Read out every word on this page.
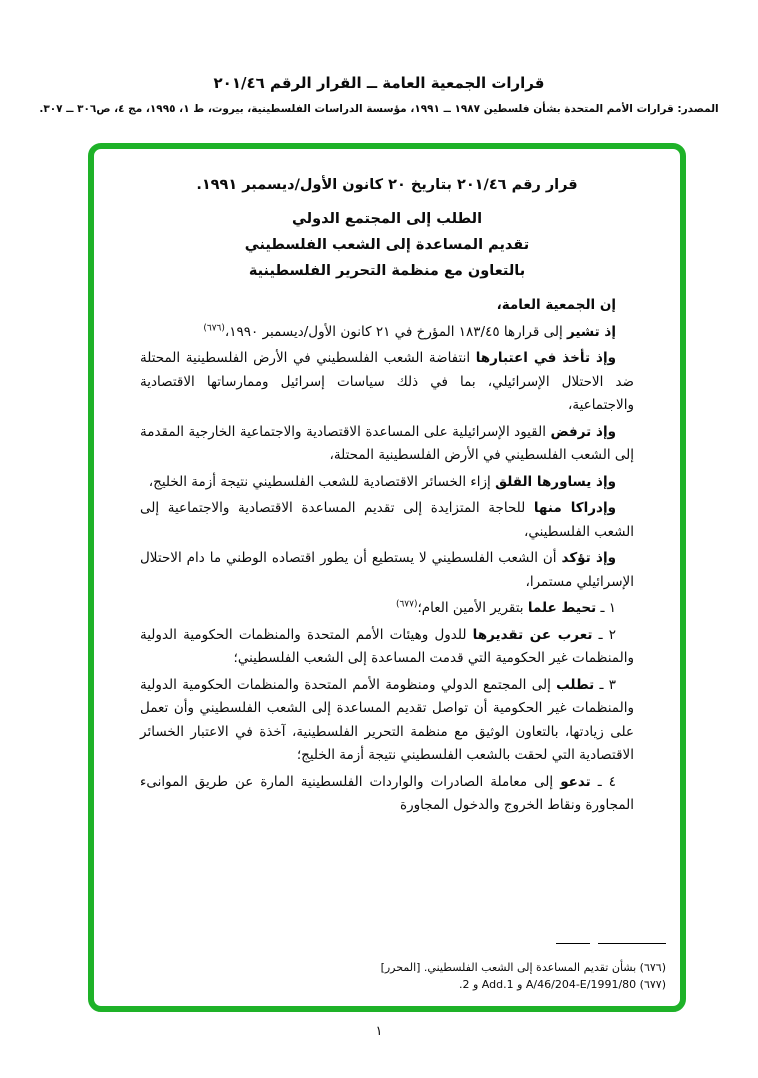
قرارات الجمعية العامة ــ القرار الرقم ٢٠١/٤٦
المصدر: قرارات الأمم المتحدة بشأن فلسطين ١٩٨٧ ــ ١٩٩١، مؤسسة الدراسات الفلسطينية، بيروت، ط ١، ١٩٩٥، مج ٤، ص٣٠٦ ــ ٣٠٧.
قرار رقم ٢٠١/٤٦ بتاريخ ٢٠ كانون الأول/ديسمبر ١٩٩١.
الطلب إلى المجتمع الدولي
تقديم المساعدة إلى الشعب الفلسطيني
بالتعاون مع منظمة التحرير الفلسطينية

إن الجمعية العامة،

إذ تشير إلى قرارها ١٨٣/٤٥ المؤرخ في ٢١ كانون الأول/ديسمبر ١٩٩٠،$^{(٦٧٦)}$

وإذ تأخذ في اعتبارها انتفاضة الشعب الفلسطيني في الأرض الفلسطينية المحتلة ضد الاحتلال الإسرائيلي، بما في ذلك سياسات إسرائيل وممارساتها الاقتصادية والاجتماعية،

وإذ ترفض القيود الإسرائيلية على المساعدة الاقتصادية والاجتماعية الخارجية المقدمة إلى الشعب الفلسطيني في الأرض الفلسطينية المحتلة،

وإذ يساورها القلق إزاء الخسائر الاقتصادية للشعب الفلسطيني نتيجة أزمة الخليج،

وإدراكا منها للحاجة المتزايدة إلى تقديم المساعدة الاقتصادية والاجتماعية إلى الشعب الفلسطيني،

وإذ تؤكد أن الشعب الفلسطيني لا يستطيع أن يطور اقتصاده الوطني ما دام الاحتلال الإسرائيلي مستمرا،

١ ـ تحيط علما بتقرير الأمين العام؛$^{(٦٧٧)}$

٢ ـ تعرب عن تقديرها للدول وهيئات الأمم المتحدة والمنظمات الحكومية الدولية والمنظمات غير الحكومية التي قدمت المساعدة إلى الشعب الفلسطيني؛

٣ ـ تطلب إلى المجتمع الدولي ومنظومة الأمم المتحدة والمنظمات الحكومية الدولية والمنظمات غير الحكومية أن تواصل تقديم المساعدة إلى الشعب الفلسطيني وأن تعمل على زيادتها، بالتعاون الوثيق مع منظمة التحرير الفلسطينية، آخذة في الاعتبار الخسائر الاقتصادية التي لحقت بالشعب الفلسطيني نتيجة أزمة الخليج؛

٤ ـ تدعو إلى معاملة الصادرات والواردات الفلسطينية المارة عن طريق الموانىء المجاورة ونقاط الخروج والدخول المجاورة

(٦٧٦) بشأن تقديم المساعدة إلى الشعب الفلسطيني. [المحرر]
(٦٧٧) A/46/204-E/1991/80 و Add.1 و 2.
١
